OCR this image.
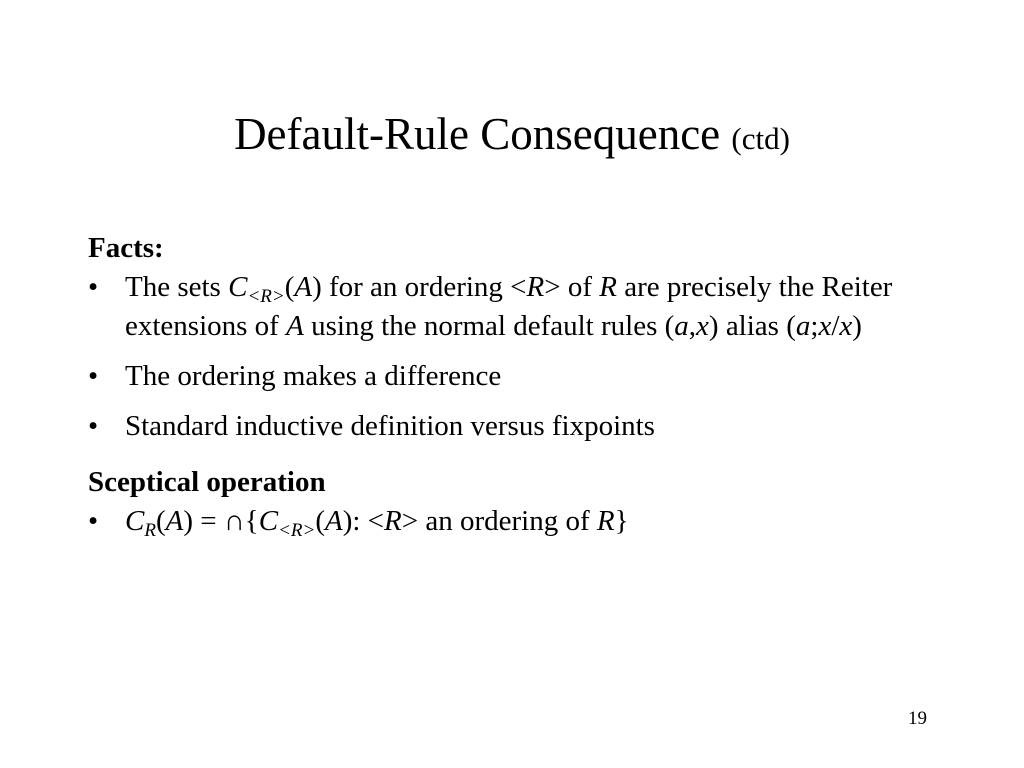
Default-Rule Consequence (ctd)

Facts:

• The sets $C_{<R>}(A)$ for an ordering <R> of R are precisely the Reiter extensions of A using the normal default rules (a,x) alias (a;x/x)
• The ordering makes a difference
• Standard inductive definition versus fixpoints

Sceptical operation

• $C_R(A)$ = $\cap\{C_{<R>}(A)$: <R> an ordering of R}
19
